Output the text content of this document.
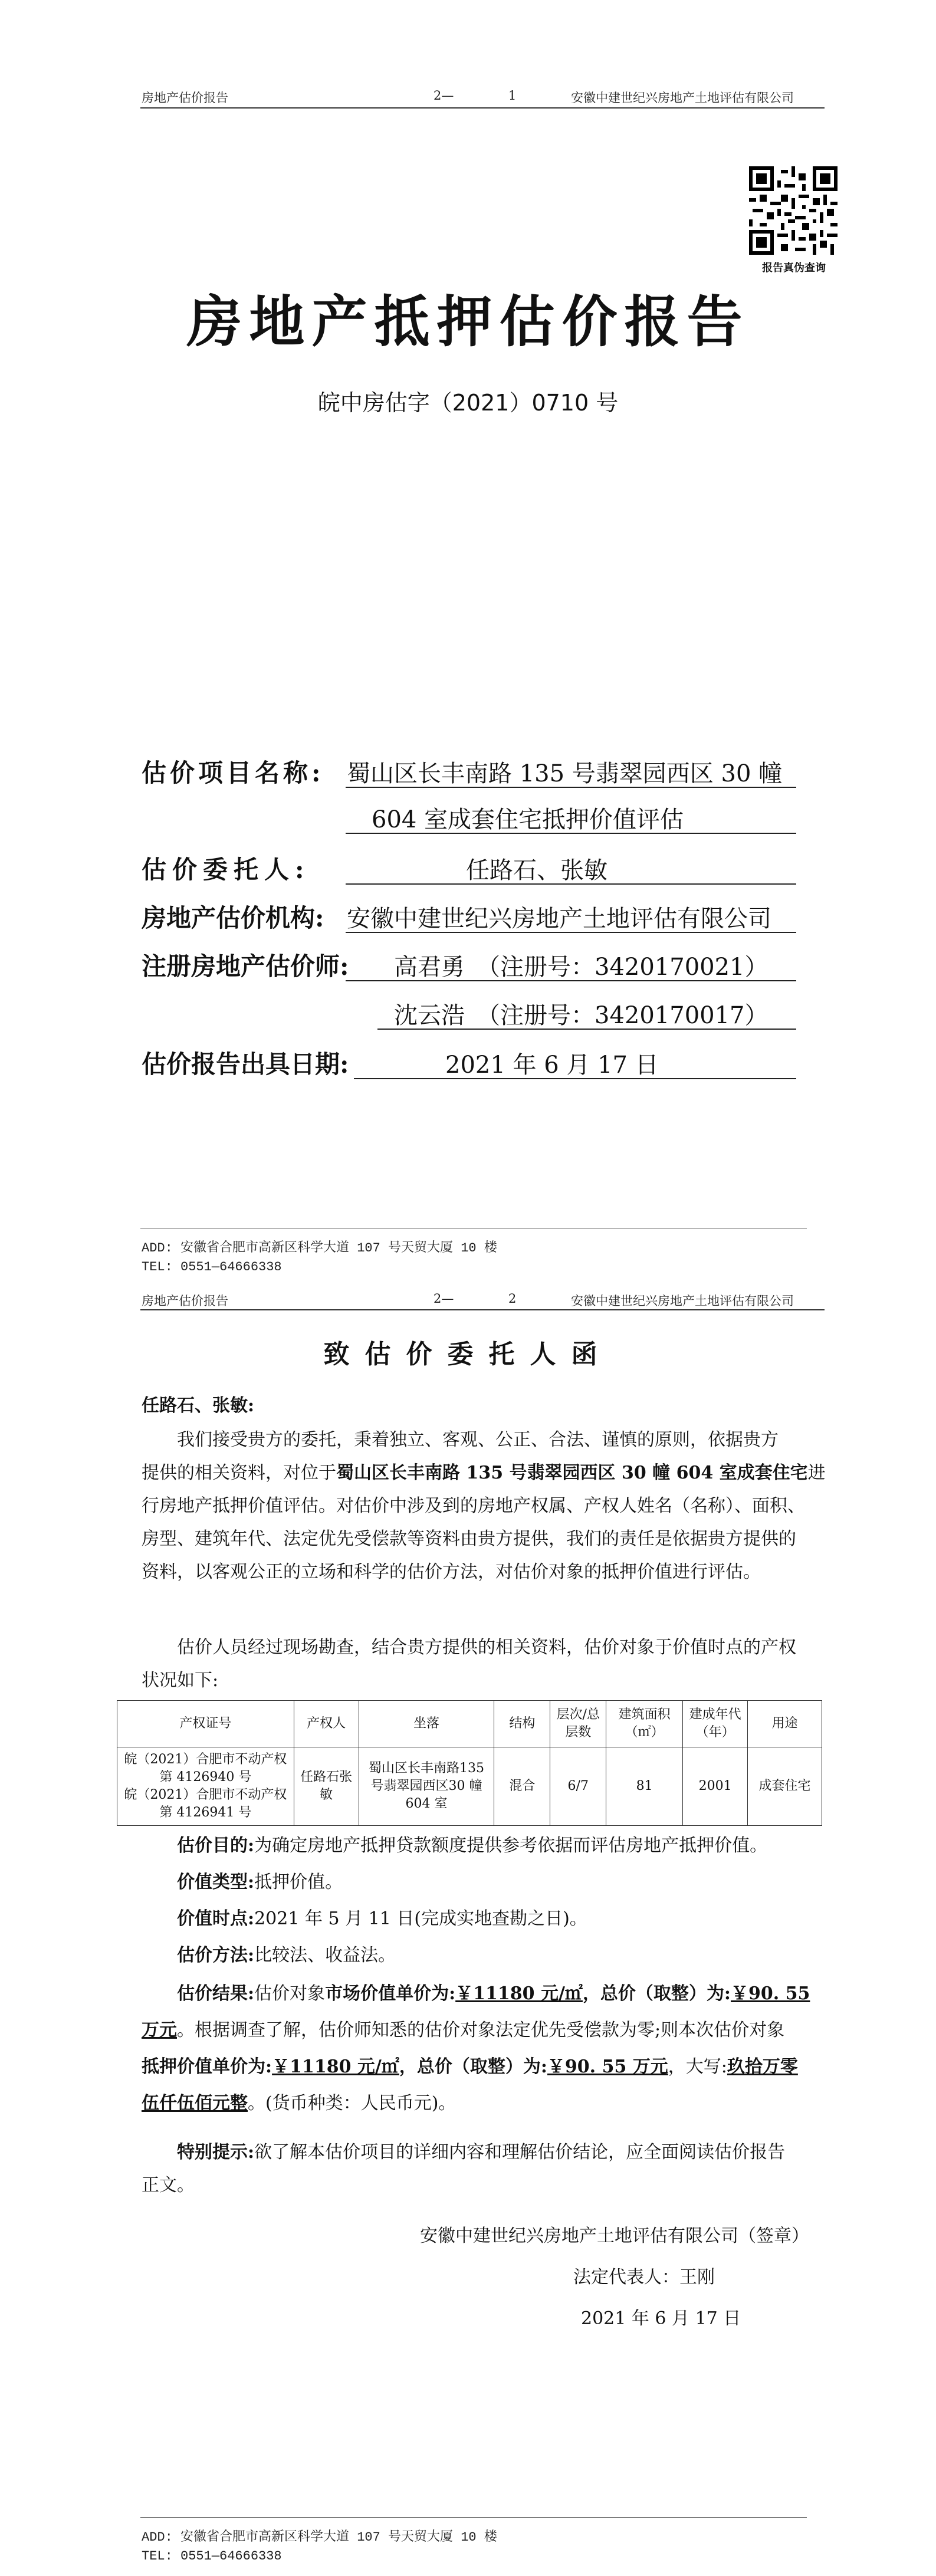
房地产估价报告	2—	1	安徽中建世纪兴房地产土地评估有限公司
报告真伪查询
房地产抵押估价报告
皖中房估字（2021）0710 号
估价项目名称: 蜀山区长丰南路 135 号翡翠园西区 30 幢
604 室成套住宅抵押价值评估
估价委托人:	任路石、张敏
房地产估价机构: 安徽中建世纪兴房地产土地评估有限公司
注册房地产估价师: 高君勇　（注册号：3420170021）
沈云浩　（注册号：3420170017）
估价报告出具日期:	2021 年 6 月 17 日
ADD: 安徽省合肥市高新区科学大道 107 号天贸大厦 10 楼
TEL: 0551—64666338
房地产估价报告	2—	2	安徽中建世纪兴房地产土地评估有限公司
致估价委托人函
任路石、张敏:
我们接受贵方的委托，秉着独立、客观、公正、合法、谨慎的原则，依据贵方
提供的相关资料，对位于蜀山区长丰南路 135 号翡翠园西区 30 幢 604 室成套住宅进
行房地产抵押价值评估。对估价中涉及到的房地产权属、产权人姓名（名称）、面积、
房型、建筑年代、法定优先受偿款等资料由贵方提供，我们的责任是依据贵方提供的
资料，以客观公正的立场和科学的估价方法，对估价对象的抵押价值进行评估。
估价人员经过现场勘查，结合贵方提供的相关资料，估价对象于价值时点的产权
状况如下:
产权证号	产权人	坐落	结构	层次/总层数	建筑面积（㎡）	建成年代（年）	用途

皖（2021）合肥市不动产权第 4126940 号
皖（2021）合肥市不动产权第 4126941 号	任路石张敏	蜀山区长丰南路135 号翡翠园西区30 幢 604 室	混合	6/7	81	2001	成套住宅
估价目的:为确定房地产抵押贷款额度提供参考依据而评估房地产抵押价值。
价值类型:抵押价值。
价值时点:2021 年 5 月 11 日(完成实地查勘之日)。
估价方法:比较法、收益法。
估价结果:估价对象市场价值单价为:￥11180 元/㎡，总价（取整）为:￥90. 55
万元。根据调查了解，估价师知悉的估价对象法定优先受偿款为零;则本次估价对象
抵押价值单价为:￥11180 元/㎡，总价（取整）为:￥90. 55 万元，大写:玖拾万零
伍仟伍佰元整。(货币种类：人民币元)。
特别提示:欲了解本估价项目的详细内容和理解估价结论，应全面阅读估价报告
正文。
安徽中建世纪兴房地产土地评估有限公司（签章）
法定代表人：王刚
2021 年 6 月 17 日
ADD: 安徽省合肥市高新区科学大道 107 号天贸大厦 10 楼
TEL: 0551—64666338
